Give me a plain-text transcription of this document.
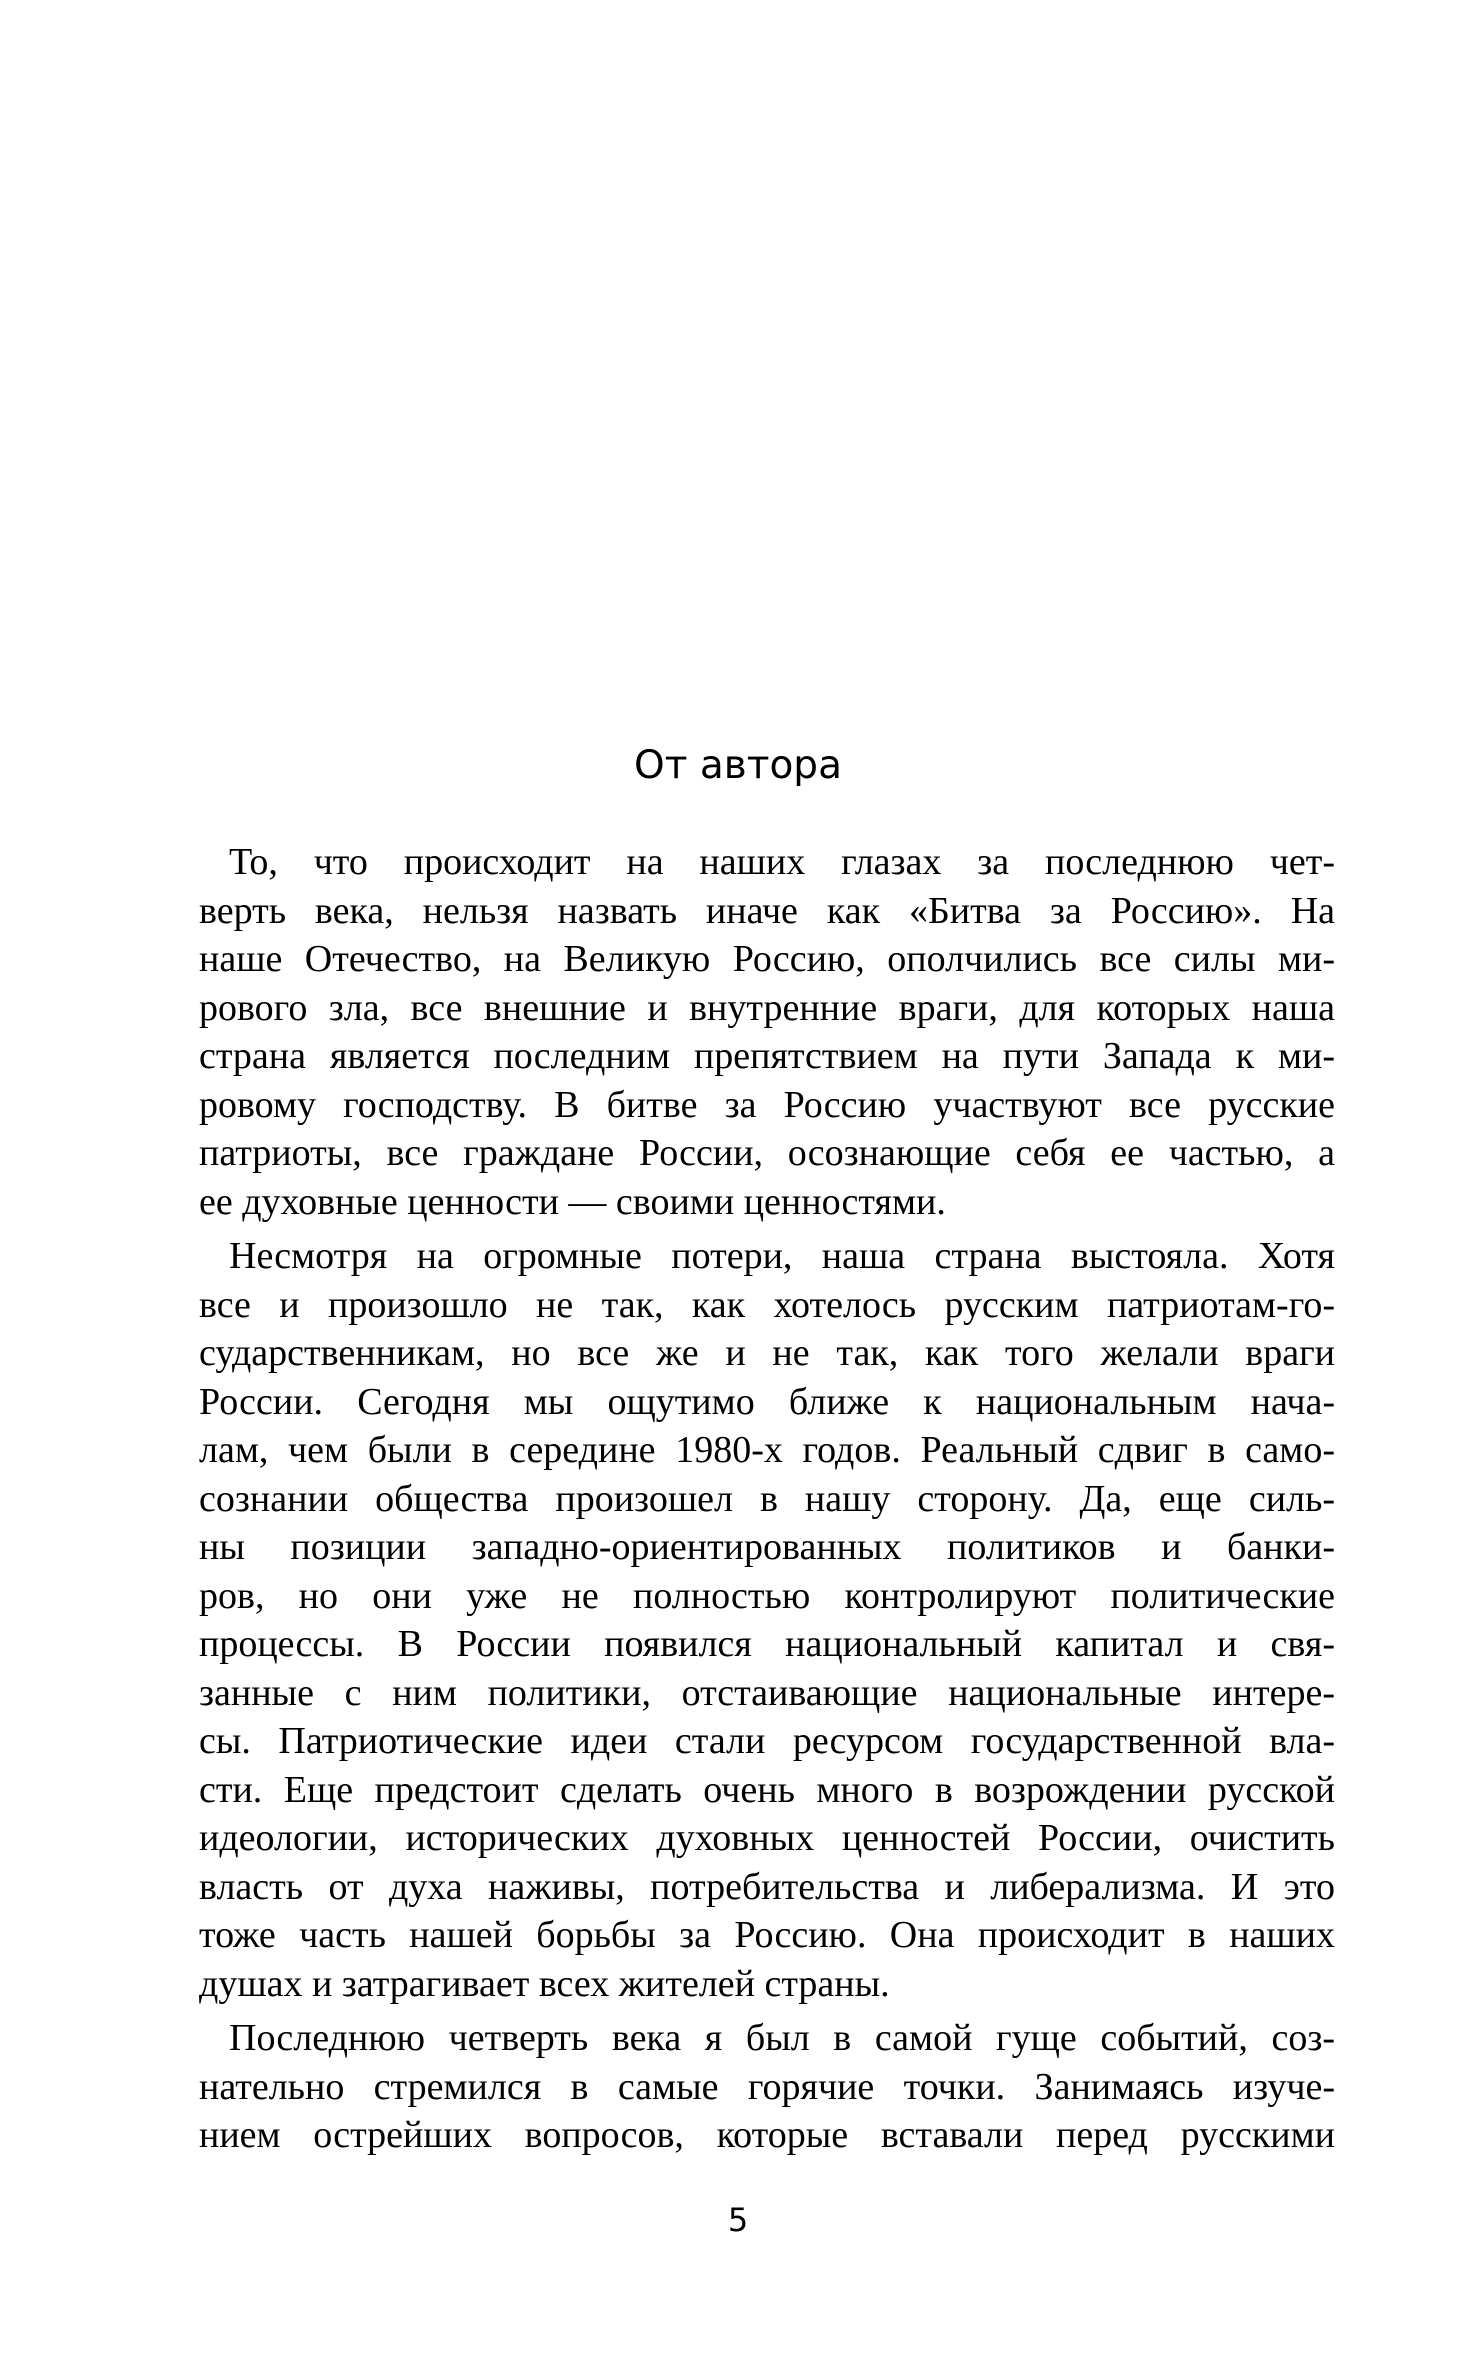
От автора

То, что происходит на наших глазах за последнюю чет-
верть века, нельзя назвать иначе как «Битва за Россию». На
наше Отечество, на Великую Россию, ополчились все силы ми-
рового зла, все внешние и внутренние враги, для которых наша
страна является последним препятствием на пути Запада к ми-
ровому господству. В битве за Россию участвуют все русские
патриоты, все граждане России, осознающие себя ее частью, а
ее духовные ценности — своими ценностями.

Несмотря на огромные потери, наша страна выстояла. Хотя
все и произошло не так, как хотелось русским патриотам-го-
сударственникам, но все же и не так, как того желали враги
России. Сегодня мы ощутимо ближе к национальным нача-
лам, чем были в середине 1980-х годов. Реальный сдвиг в само-
сознании общества произошел в нашу сторону. Да, еще силь-
ны позиции западно-ориентированных политиков и банки-
ров, но они уже не полностью контролируют политические
процессы. В России появился национальный капитал и свя-
занные с ним политики, отстаивающие национальные интере-
сы. Патриотические идеи стали ресурсом государственной вла-
сти. Еще предстоит сделать очень много в возрождении русской
идеологии, исторических духовных ценностей России, очистить
власть от духа наживы, потребительства и либерализма. И это
тоже часть нашей борьбы за Россию. Она происходит в наших
душах и затрагивает всех жителей страны.

Последнюю четверть века я был в самой гуще событий, соз-
нательно стремился в самые горячие точки. Занимаясь изуче-
нием острейших вопросов, которые вставали перед русскими

5
